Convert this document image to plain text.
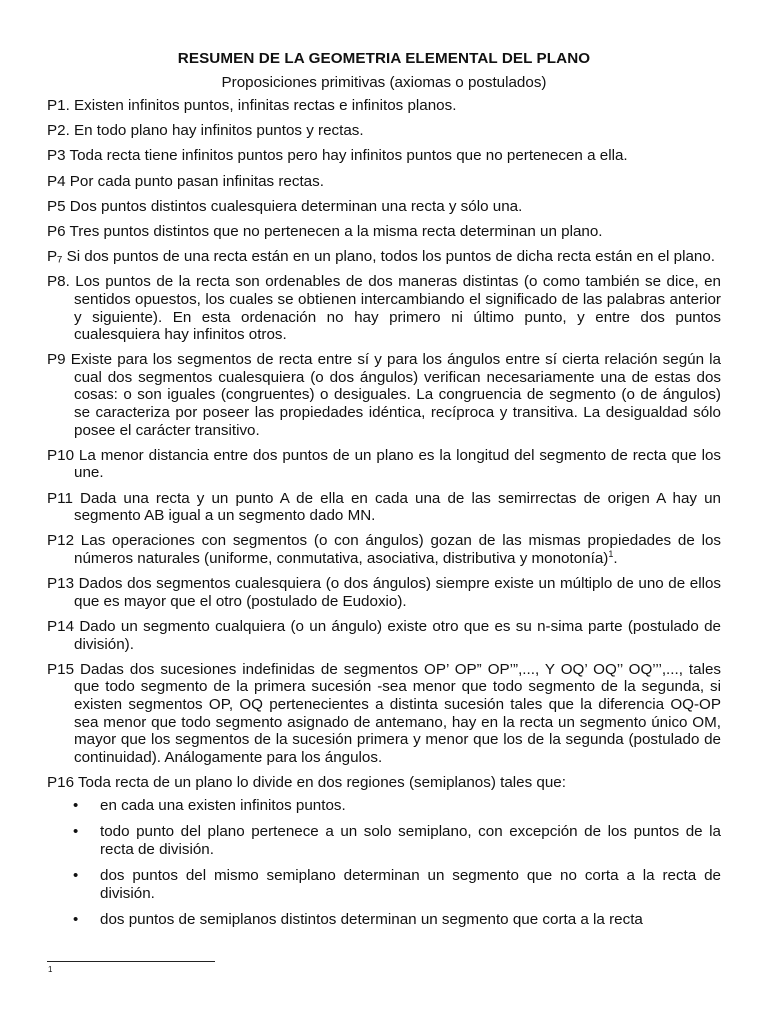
RESUMEN DE LA GEOMETRIA ELEMENTAL DEL PLANO
Proposiciones primitivas (axiomas o postulados)

P1. Existen infinitos puntos, infinitas rectas e infinitos planos.

P2. En todo plano hay infinitos puntos y rectas.

P3 Toda recta tiene infinitos puntos pero hay infinitos puntos que no pertenecen a ella.

P4 Por cada punto pasan infinitas rectas.

P5 Dos puntos distintos cualesquiera determinan una recta y sólo una.

P6 Tres puntos distintos que no pertenecen a la misma recta determinan un plano.

P₇ Si dos puntos de una recta están en un plano, todos los puntos de dicha recta están en el plano.

P8. Los puntos de la recta son ordenables de dos maneras distintas (o como también se dice, en sentidos opuestos, los cuales se obtienen intercambiando el significado de las palabras anterior y siguiente). En esta ordenación no hay primero ni último punto, y entre dos puntos cualesquiera hay infinitos otros.

P9 Existe para los segmentos de recta entre sí y para los ángulos entre sí cierta relación según la cual dos segmentos cualesquiera (o dos ángulos) verifican necesariamente una de estas dos cosas: o son iguales (congruentes) o desiguales. La congruencia de segmento (o de ángulos) se caracteriza por poseer las propiedades idéntica, recíproca y transitiva. La desigualdad sólo posee el carácter transitivo.

P10 La menor distancia entre dos puntos de un plano es la longitud del segmento de recta que los une.

P11 Dada una recta y un punto A de ella en cada una de las semirrectas de origen A hay un segmento AB igual a un segmento dado MN.

P12 Las operaciones con segmentos (o con ángulos) gozan de las mismas propiedades de los números naturales (uniforme, conmutativa, asociativa, distributiva y monotonía)$^1$.

P13 Dados dos segmentos cualesquiera (o dos ángulos) siempre existe un múltiplo de uno de ellos que es mayor que el otro (postulado de Eudoxio).

P14 Dado un segmento cualquiera (o un ángulo) existe otro que es su n-sima parte (postulado de división).

P15 Dadas dos sucesiones indefinidas de segmentos OP’ OP” OP’”,..., Y OQ’ OQ’’ OQ’’’,..., tales que todo segmento de la primera sucesión -sea menor que todo segmento de la segunda, si existen segmentos OP, OQ pertenecientes a distinta sucesión tales que la diferencia OQ-OP sea menor que todo segmento asignado de antemano, hay en la recta un segmento único OM, mayor que los segmentos de la sucesión primera y menor que los de la segunda (postulado de continuidad). Análogamente para los ángulos.

P16 Toda recta de un plano lo divide en dos regiones (semiplanos) tales que:

• en cada una existen infinitos puntos.
• todo punto del plano pertenece a un solo semiplano, con excepción de los puntos de la recta de división.
• dos puntos del mismo semiplano determinan un segmento que no corta a la recta de división.
• dos puntos de semiplanos distintos determinan un segmento que corta a la recta
1
